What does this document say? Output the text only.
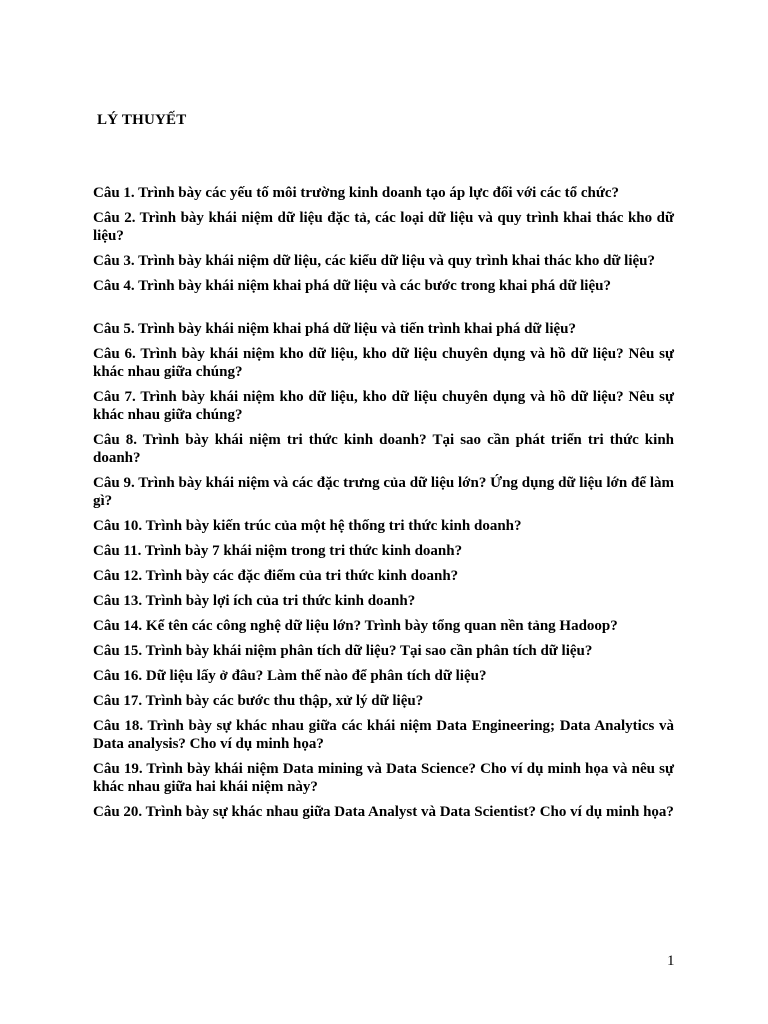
LÝ THUYẾT
Câu 1. Trình bày các yếu tố môi trường kinh doanh tạo áp lực đối với các tổ chức?
Câu 2. Trình bày khái niệm dữ liệu đặc tả, các loại dữ liệu và quy trình khai thác kho dữ liệu?
Câu 3. Trình bày khái niệm dữ liệu, các kiểu dữ liệu và quy trình khai thác kho dữ liệu?
Câu 4. Trình bày khái niệm khai phá dữ liệu và các bước trong khai phá dữ liệu?
Câu 5. Trình bày khái niệm khai phá dữ liệu và tiến trình khai phá dữ liệu?
Câu 6. Trình bày khái niệm kho dữ liệu, kho dữ liệu chuyên dụng và hồ dữ liệu? Nêu sự khác nhau giữa chúng?
Câu 7. Trình bày khái niệm kho dữ liệu, kho dữ liệu chuyên dụng và hồ dữ liệu? Nêu sự khác nhau giữa chúng?
Câu 8. Trình bày khái niệm tri thức kinh doanh? Tại sao cần phát triển tri thức kinh doanh?
Câu 9. Trình bày khái niệm và các đặc trưng của dữ liệu lớn? Ứng dụng dữ liệu lớn để làm gì?
Câu 10. Trình bày kiến trúc của một hệ thống tri thức kinh doanh?
Câu 11. Trình bày 7 khái niệm trong tri thức kinh doanh?
Câu 12. Trình bày các đặc điểm của tri thức kinh doanh?
Câu 13. Trình bày lợi ích của tri thức kinh doanh?
Câu 14. Kể tên các công nghệ dữ liệu lớn? Trình bày tổng quan nền tảng Hadoop?
Câu 15. Trình bày khái niệm phân tích dữ liệu? Tại sao cần phân tích dữ liệu?
Câu 16. Dữ liệu lấy ở đâu? Làm thế nào để phân tích dữ liệu?
Câu 17. Trình bày các bước thu thập, xử lý dữ liệu?
Câu 18. Trình bày sự khác nhau giữa các khái niệm Data Engineering; Data Analytics và Data analysis? Cho ví dụ minh họa?
Câu 19. Trình bày khái niệm Data mining và Data Science? Cho ví dụ minh họa và nêu sự khác nhau giữa hai khái niệm này?
Câu 20. Trình bày sự khác nhau giữa Data Analyst và Data Scientist? Cho ví dụ minh họa?

1
